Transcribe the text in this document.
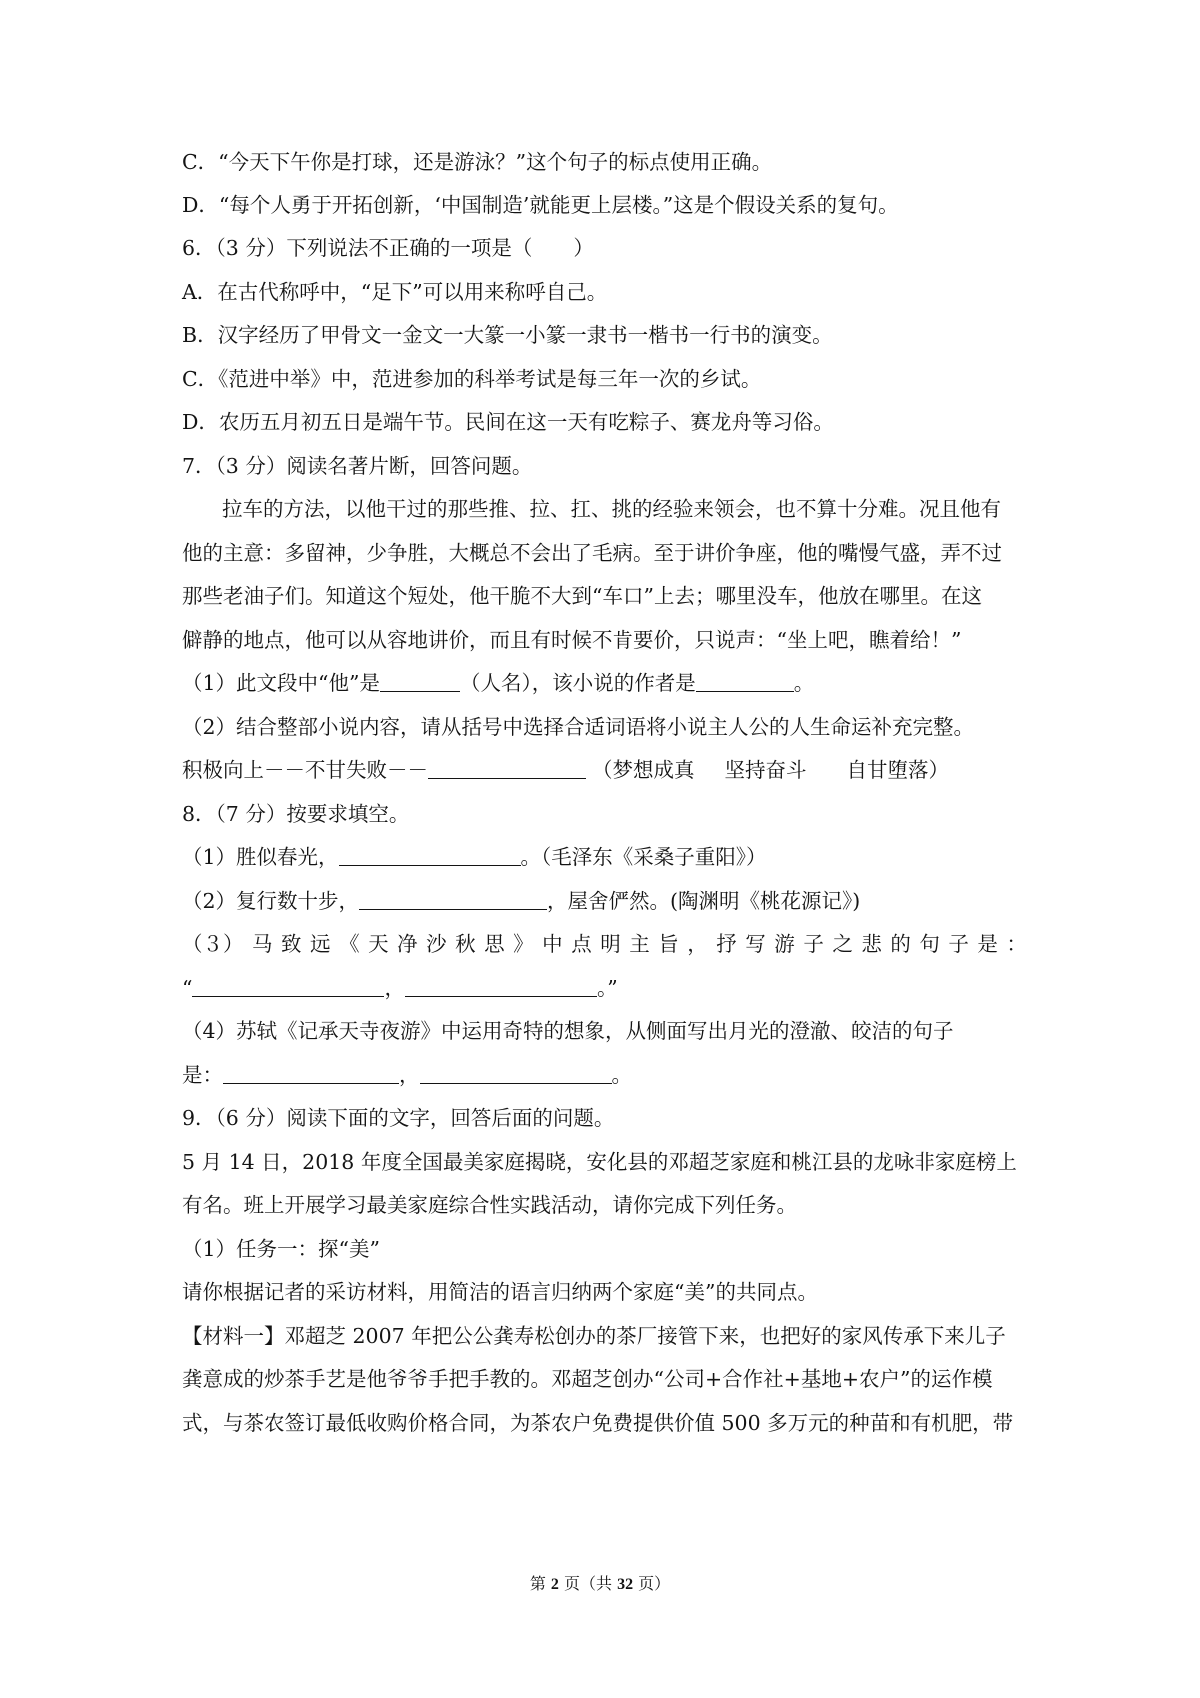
C．“今天下午你是打球，还是游泳？”这个句子的标点使用正确。
D．“每个人勇于开拓创新，‘中国制造’就能更上层楼。”这是个假设关系的复句。
6．（3 分）下列说法不正确的一项是（　　）
A．在古代称呼中，“足下”可以用来称呼自己。
B．汉字经历了甲骨文一金文一大篆一小篆一隶书一楷书一行书的演变。
C．《范进中举》中，范进参加的科举考试是每三年一次的乡试。
D．农历五月初五日是端午节。民间在这一天有吃粽子、赛龙舟等习俗。
7．（3 分）阅读名著片断，回答问题。
拉车的方法，以他干过的那些推、拉、扛、挑的经验来领会，也不算十分难。况且他有
他的主意：多留神，少争胜，大概总不会出了毛病。至于讲价争座，他的嘴慢气盛，弄不过
那些老油子们。知道这个短处，他干脆不大到“车口”上去；哪里没车，他放在哪里。在这
僻静的地点，他可以从容地讲价，而且有时候不肯要价，只说声：“坐上吧，瞧着给！”
（1）此文段中“他”是	（人名），该小说的作者是	。
（2）结合整部小说内容，请从括号中选择合适词语将小说主人公的人生命运补充完整。
积极向上－－不甘失败－－	（梦想成真 坚持奋斗 自甘堕落）
8．（7 分）按要求填空。
（1）胜似春光，	。（毛泽东《采桑子重阳》）
（2）复行数十步，	，屋舍俨然。(陶渊明《桃花源记》)
（３） 马 致 远 《 天 净 沙 秋 思 》 中 点 明 主 旨 ， 抒 写 游 子 之 悲 的 句 子 是 ：
“	，	。”
（4）苏轼《记承天寺夜游》中运用奇特的想象，从侧面写出月光的澄澈、皎洁的句子
是：	，	。
9．（6 分）阅读下面的文字，回答后面的问题。
5 月 14 日，2018 年度全国最美家庭揭晓，安化县的邓超芝家庭和桃江县的龙咏非家庭榜上
有名。班上开展学习最美家庭综合性实践活动，请你完成下列任务。
（1）任务一：探“美”
请你根据记者的采访材料，用简洁的语言归纳两个家庭“美”的共同点。
【材料一】邓超芝 2007 年把公公龚寿松创办的茶厂接管下来，也把好的家风传承下来儿子
龚意成的炒茶手艺是他爷爷手把手教的。邓超芝创办“公司+合作社+基地+农户”的运作模
式，与茶农签订最低收购价格合同，为茶农户免费提供价值 500 多万元的种苗和有机肥，带
第 2 页（共 32 页）
